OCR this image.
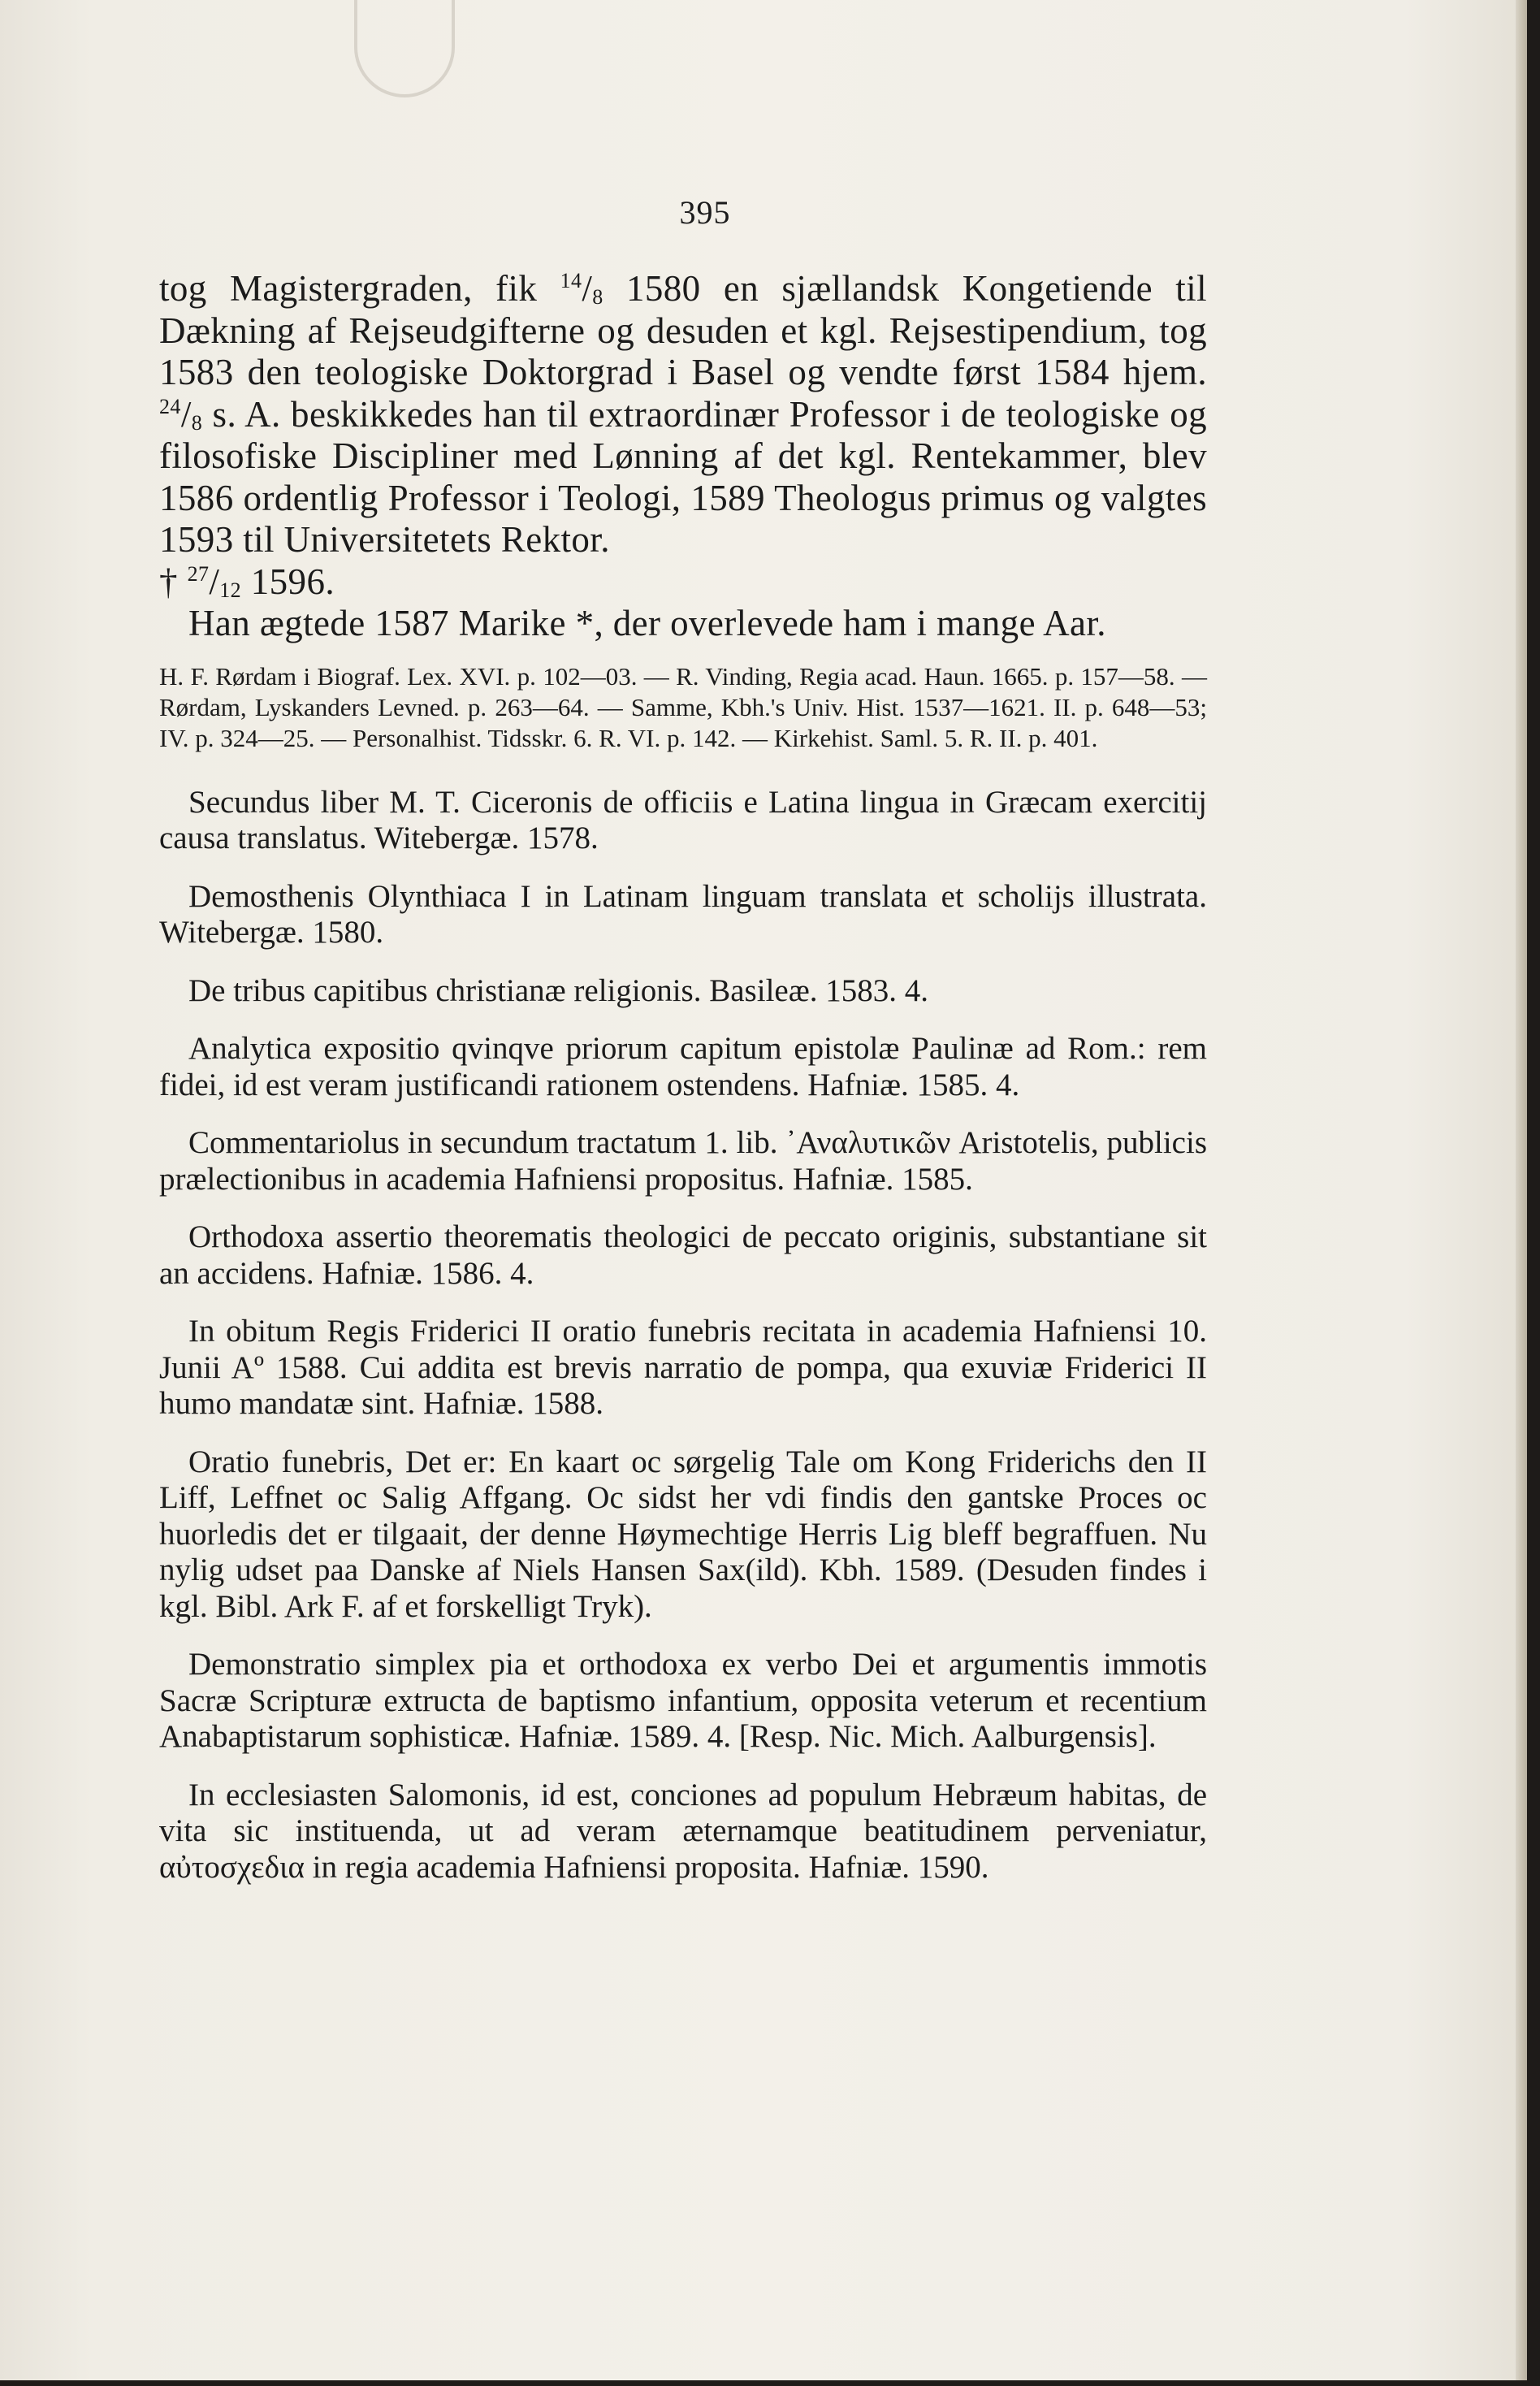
395

tog Magistergraden, fik $^{14}/_8$ 1580 en sjællandsk Kongetiende til Dækning af Rejseudgifterne og desuden et kgl. Rejsestipendium, tog 1583 den teologiske Doktorgrad i Basel og vendte først 1584 hjem. $^{24}/_8$ s. A. beskikkedes han til extraordinær Professor i de teologiske og filosofiske Discipliner med Lønning af det kgl. Rentekammer, blev 1586 ordentlig Professor i Teologi, 1589 Theologus primus og valgtes 1593 til Universitetets Rektor.
† $^{27}/_{12}$ 1596.

Han ægtede 1587 Marike *, der overlevede ham i mange Aar.

H. F. Rørdam i Biograf. Lex. XVI. p. 102—03. — R. Vinding, Regia acad. Haun. 1665. p. 157—58. — Rørdam, Lyskanders Levned. p. 263—64. — Samme, Kbh.'s Univ. Hist. 1537—1621. II. p. 648—53; IV. p. 324—25. — Personalhist. Tidsskr. 6. R. VI. p. 142. — Kirkehist. Saml. 5. R. II. p. 401.

Secundus liber M. T. Ciceronis de officiis e Latina lingua in Græcam exercitij causa translatus. Witebergæ. 1578.

Demosthenis Olynthiaca I in Latinam linguam translata et scholijs illustrata. Witebergæ. 1580.

De tribus capitibus christianæ religionis. Basileæ. 1583. 4.

Analytica expositio qvinqve priorum capitum epistolæ Paulinæ ad Rom.: rem fidei, id est veram justificandi rationem ostendens. Hafniæ. 1585. 4.

Commentariolus in secundum tractatum 1. lib. ᾿Αναλυτικῶν Aristotelis, publicis prælectionibus in academia Hafniensi propositus. Hafniæ. 1585.

Orthodoxa assertio theorematis theologici de peccato originis, substantiane sit an accidens. Hafniæ. 1586. 4.

In obitum Regis Friderici II oratio funebris recitata in academia Hafniensi 10. Junii Aº 1588. Cui addita est brevis narratio de pompa, qua exuviæ Friderici II humo mandatæ sint. Hafniæ. 1588.

Oratio funebris, Det er: En kaart oc sørgelig Tale om Kong Friderichs den II Liff, Leffnet oc Salig Affgang. Oc sidst her vdi findis den gantske Proces oc huorledis det er tilgaait, der denne Høymechtige Herris Lig bleff begraffuen. Nu nylig udset paa Danske af Niels Hansen Sax(ild). Kbh. 1589. (Desuden findes i kgl. Bibl. Ark F. af et forskelligt Tryk).

Demonstratio simplex pia et orthodoxa ex verbo Dei et argumentis immotis Sacræ Scripturæ extructa de baptismo infantium, opposita veterum et recentium Anabaptistarum sophisticæ. Hafniæ. 1589. 4. [Resp. Nic. Mich. Aalburgensis].

In ecclesiasten Salomonis, id est, conciones ad populum Hebræum habitas, de vita sic instituenda, ut ad veram æternamque beatitudinem perveniatur, αὐτοσχεδια in regia academia Hafniensi proposita. Hafniæ. 1590.
